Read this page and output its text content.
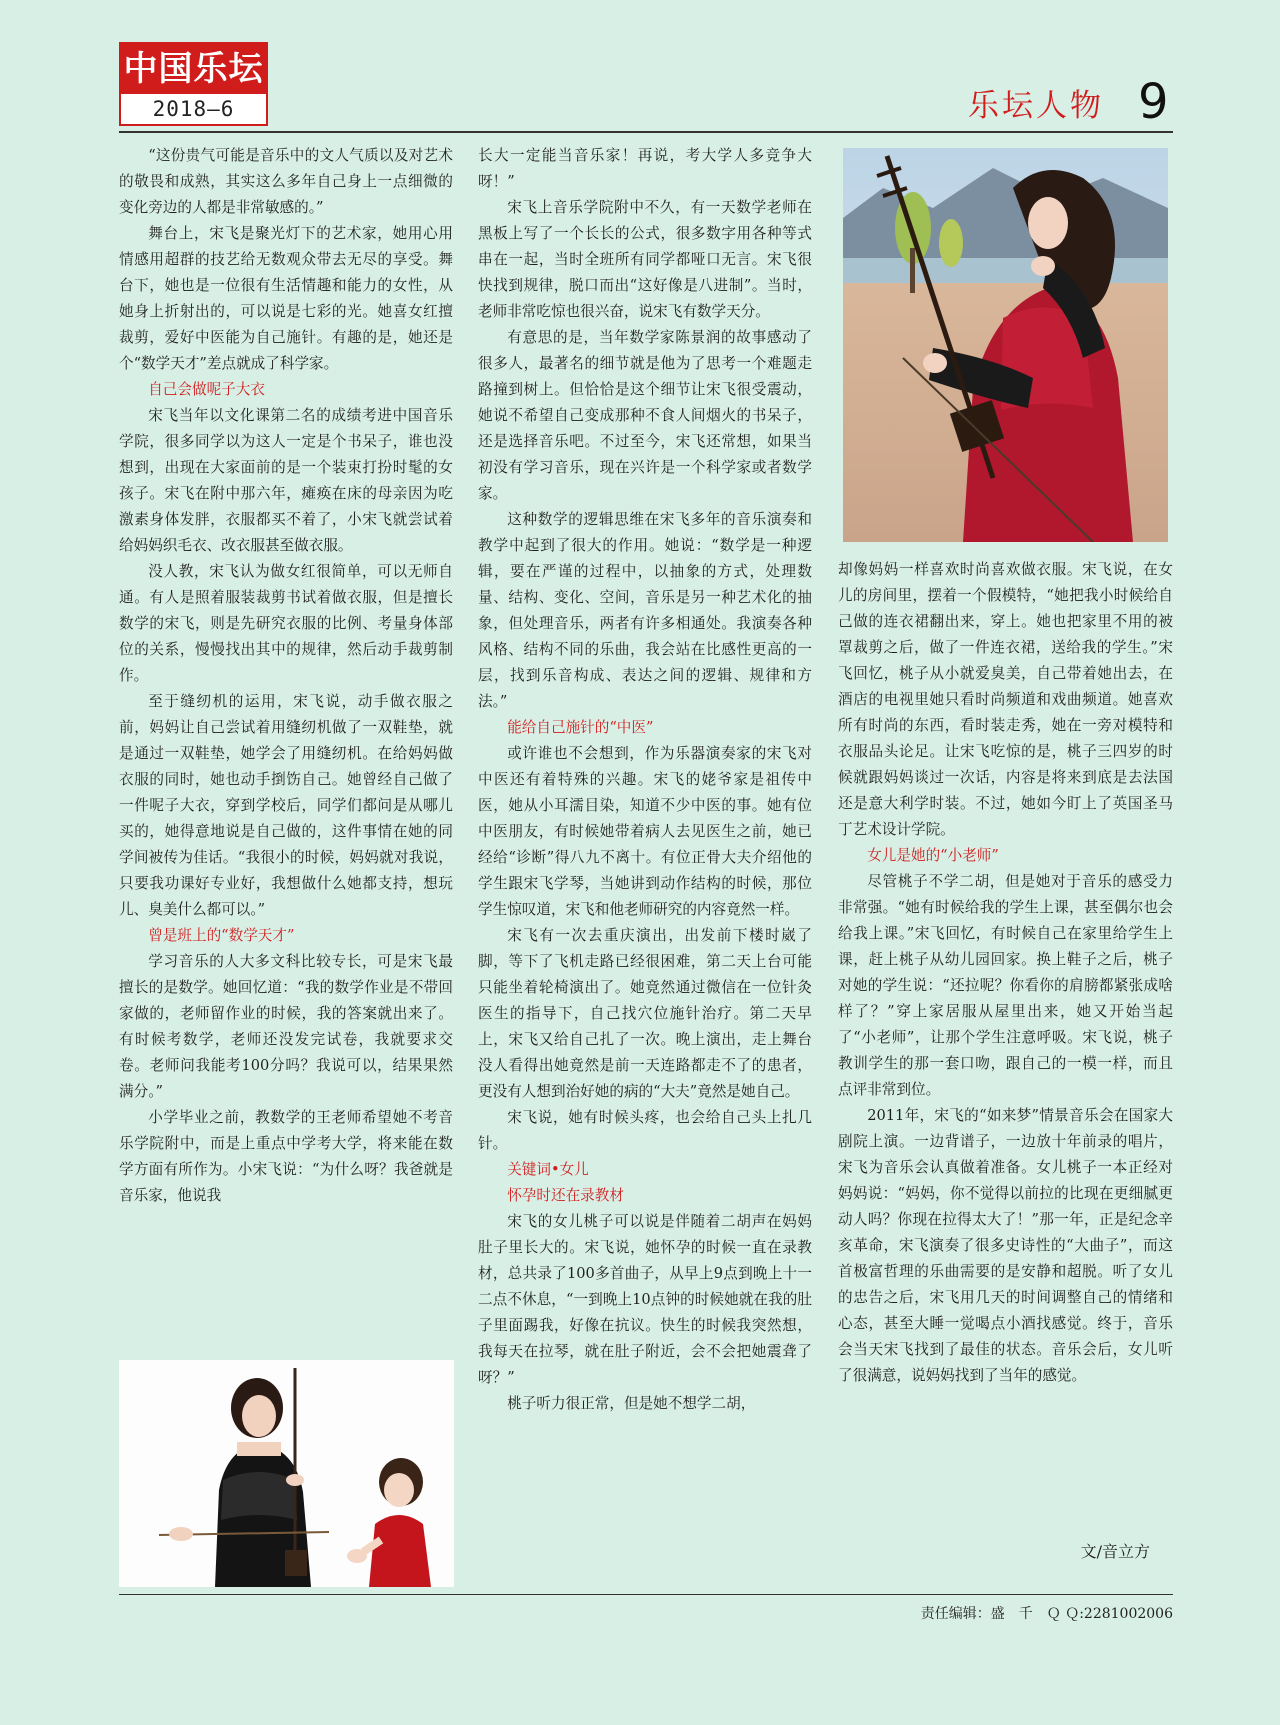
中国乐坛
2018—6	乐坛人物 9

“这份贵气可能是音乐中的文人气质以及对艺术的敬畏和成熟，其实这么多年自己身上一点细微的变化旁边的人都是非常敏感的。”

舞台上，宋飞是聚光灯下的艺术家，她用心用情感用超群的技艺给无数观众带去无尽的享受。舞台下，她也是一位很有生活情趣和能力的女性，从她身上折射出的，可以说是七彩的光。她喜女红擅裁剪，爱好中医能为自己施针。有趣的是，她还是个“数学天才”差点就成了科学家。

自己会做呢子大衣

宋飞当年以文化课第二名的成绩考进中国音乐学院，很多同学以为这人一定是个书呆子，谁也没想到，出现在大家面前的是一个装束打扮时髦的女孩子。宋飞在附中那六年，瘫痪在床的母亲因为吃激素身体发胖，衣服都买不着了，小宋飞就尝试着给妈妈织毛衣、改衣服甚至做衣服。

没人教，宋飞认为做女红很简单，可以无师自通。有人是照着服装裁剪书试着做衣服，但是擅长数学的宋飞，则是先研究衣服的比例、考量身体部位的关系，慢慢找出其中的规律，然后动手裁剪制作。

至于缝纫机的运用，宋飞说，动手做衣服之前，妈妈让自己尝试着用缝纫机做了一双鞋垫，就是通过一双鞋垫，她学会了用缝纫机。在给妈妈做衣服的同时，她也动手捯饬自己。她曾经自己做了一件呢子大衣，穿到学校后，同学们都问是从哪儿买的，她得意地说是自己做的，这件事情在她的同学间被传为佳话。“我很小的时候，妈妈就对我说，只要我功课好专业好，我想做什么她都支持，想玩儿、臭美什么都可以。”

曾是班上的“数学天才”

学习音乐的人大多文科比较专长，可是宋飞最擅长的是数学。她回忆道：“我的数学作业是不带回家做的，老师留作业的时候，我的答案就出来了。有时候考数学，老师还没发完试卷，我就要求交卷。老师问我能考100分吗？我说可以，结果果然满分。”

小学毕业之前，教数学的王老师希望她不考音乐学院附中，而是上重点中学考大学，将来能在数学方面有所作为。小宋飞说：“为什么呀？我爸就是音乐家，他说我

长大一定能当音乐家！再说，考大学人多竞争大呀！”

宋飞上音乐学院附中不久，有一天数学老师在黑板上写了一个长长的公式，很多数字用各种等式串在一起，当时全班所有同学都哑口无言。宋飞很快找到规律，脱口而出“这好像是八进制”。当时，老师非常吃惊也很兴奋，说宋飞有数学天分。

有意思的是，当年数学家陈景润的故事感动了很多人，最著名的细节就是他为了思考一个难题走路撞到树上。但恰恰是这个细节让宋飞很受震动，她说不希望自己变成那种不食人间烟火的书呆子，还是选择音乐吧。不过至今，宋飞还常想，如果当初没有学习音乐，现在兴许是一个科学家或者数学家。

这种数学的逻辑思维在宋飞多年的音乐演奏和教学中起到了很大的作用。她说：“数学是一种逻辑，要在严谨的过程中，以抽象的方式，处理数量、结构、变化、空间，音乐是另一种艺术化的抽象，但处理音乐，两者有许多相通处。我演奏各种风格、结构不同的乐曲，我会站在比感性更高的一层，找到乐音构成、表达之间的逻辑、规律和方法。”

能给自己施针的“中医”

或许谁也不会想到，作为乐器演奏家的宋飞对中医还有着特殊的兴趣。宋飞的姥爷家是祖传中医，她从小耳濡目染，知道不少中医的事。她有位中医朋友，有时候她带着病人去见医生之前，她已经给“诊断”得八九不离十。有位正骨大夫介绍他的学生跟宋飞学琴，当她讲到动作结构的时候，那位学生惊叹道，宋飞和他老师研究的内容竟然一样。

宋飞有一次去重庆演出，出发前下楼时崴了脚，等下了飞机走路已经很困难，第二天上台可能只能坐着轮椅演出了。她竟然通过微信在一位针灸医生的指导下，自己找穴位施针治疗。第二天早上，宋飞又给自己扎了一次。晚上演出，走上舞台没人看得出她竟然是前一天连路都走不了的患者，更没有人想到治好她的病的“大夫”竟然是她自己。

宋飞说，她有时候头疼，也会给自己头上扎几针。

关键词•女儿
怀孕时还在录教材

宋飞的女儿桃子可以说是伴随着二胡声在妈妈肚子里长大的。宋飞说，她怀孕的时候一直在录教材，总共录了100多首曲子，从早上9点到晚上十一二点不休息，“一到晚上10点钟的时候她就在我的肚子里面踢我，好像在抗议。快生的时候我突然想，我每天在拉琴，就在肚子附近，会不会把她震聋了呀？”

桃子听力很正常，但是她不想学二胡，

却像妈妈一样喜欢时尚喜欢做衣服。宋飞说，在女儿的房间里，摆着一个假模特，“她把我小时候给自己做的连衣裙翻出来，穿上。她也把家里不用的被罩裁剪之后，做了一件连衣裙，送给我的学生。”宋飞回忆，桃子从小就爱臭美，自己带着她出去，在酒店的电视里她只看时尚频道和戏曲频道。她喜欢所有时尚的东西，看时装走秀，她在一旁对模特和衣服品头论足。让宋飞吃惊的是，桃子三四岁的时候就跟妈妈谈过一次话，内容是将来到底是去法国还是意大利学时装。不过，她如今盯上了英国圣马丁艺术设计学院。

女儿是她的“小老师”

尽管桃子不学二胡，但是她对于音乐的感受力非常强。“她有时候给我的学生上课，甚至偶尔也会给我上课。”宋飞回忆，有时候自己在家里给学生上课，赶上桃子从幼儿园回家。换上鞋子之后，桃子对她的学生说：“还拉呢？你看你的肩膀都紧张成啥样了？”穿上家居服从屋里出来，她又开始当起了“小老师”，让那个学生注意呼吸。宋飞说，桃子教训学生的那一套口吻，跟自己的一模一样，而且点评非常到位。

2011年，宋飞的“如来梦”情景音乐会在国家大剧院上演。一边背谱子，一边放十年前录的唱片，宋飞为音乐会认真做着准备。女儿桃子一本正经对妈妈说：“妈妈，你不觉得以前拉的比现在更细腻更动人吗？你现在拉得太大了！”那一年，正是纪念辛亥革命，宋飞演奏了很多史诗性的“大曲子”，而这首极富哲理的乐曲需要的是安静和超脱。听了女儿的忠告之后，宋飞用几天的时间调整自己的情绪和心态，甚至大睡一觉喝点小酒找感觉。终于，音乐会当天宋飞找到了最佳的状态。音乐会后，女儿听了很满意，说妈妈找到了当年的感觉。

文/音立方
责任编辑：盛　千　Ｑ Ｑ:2281002006
